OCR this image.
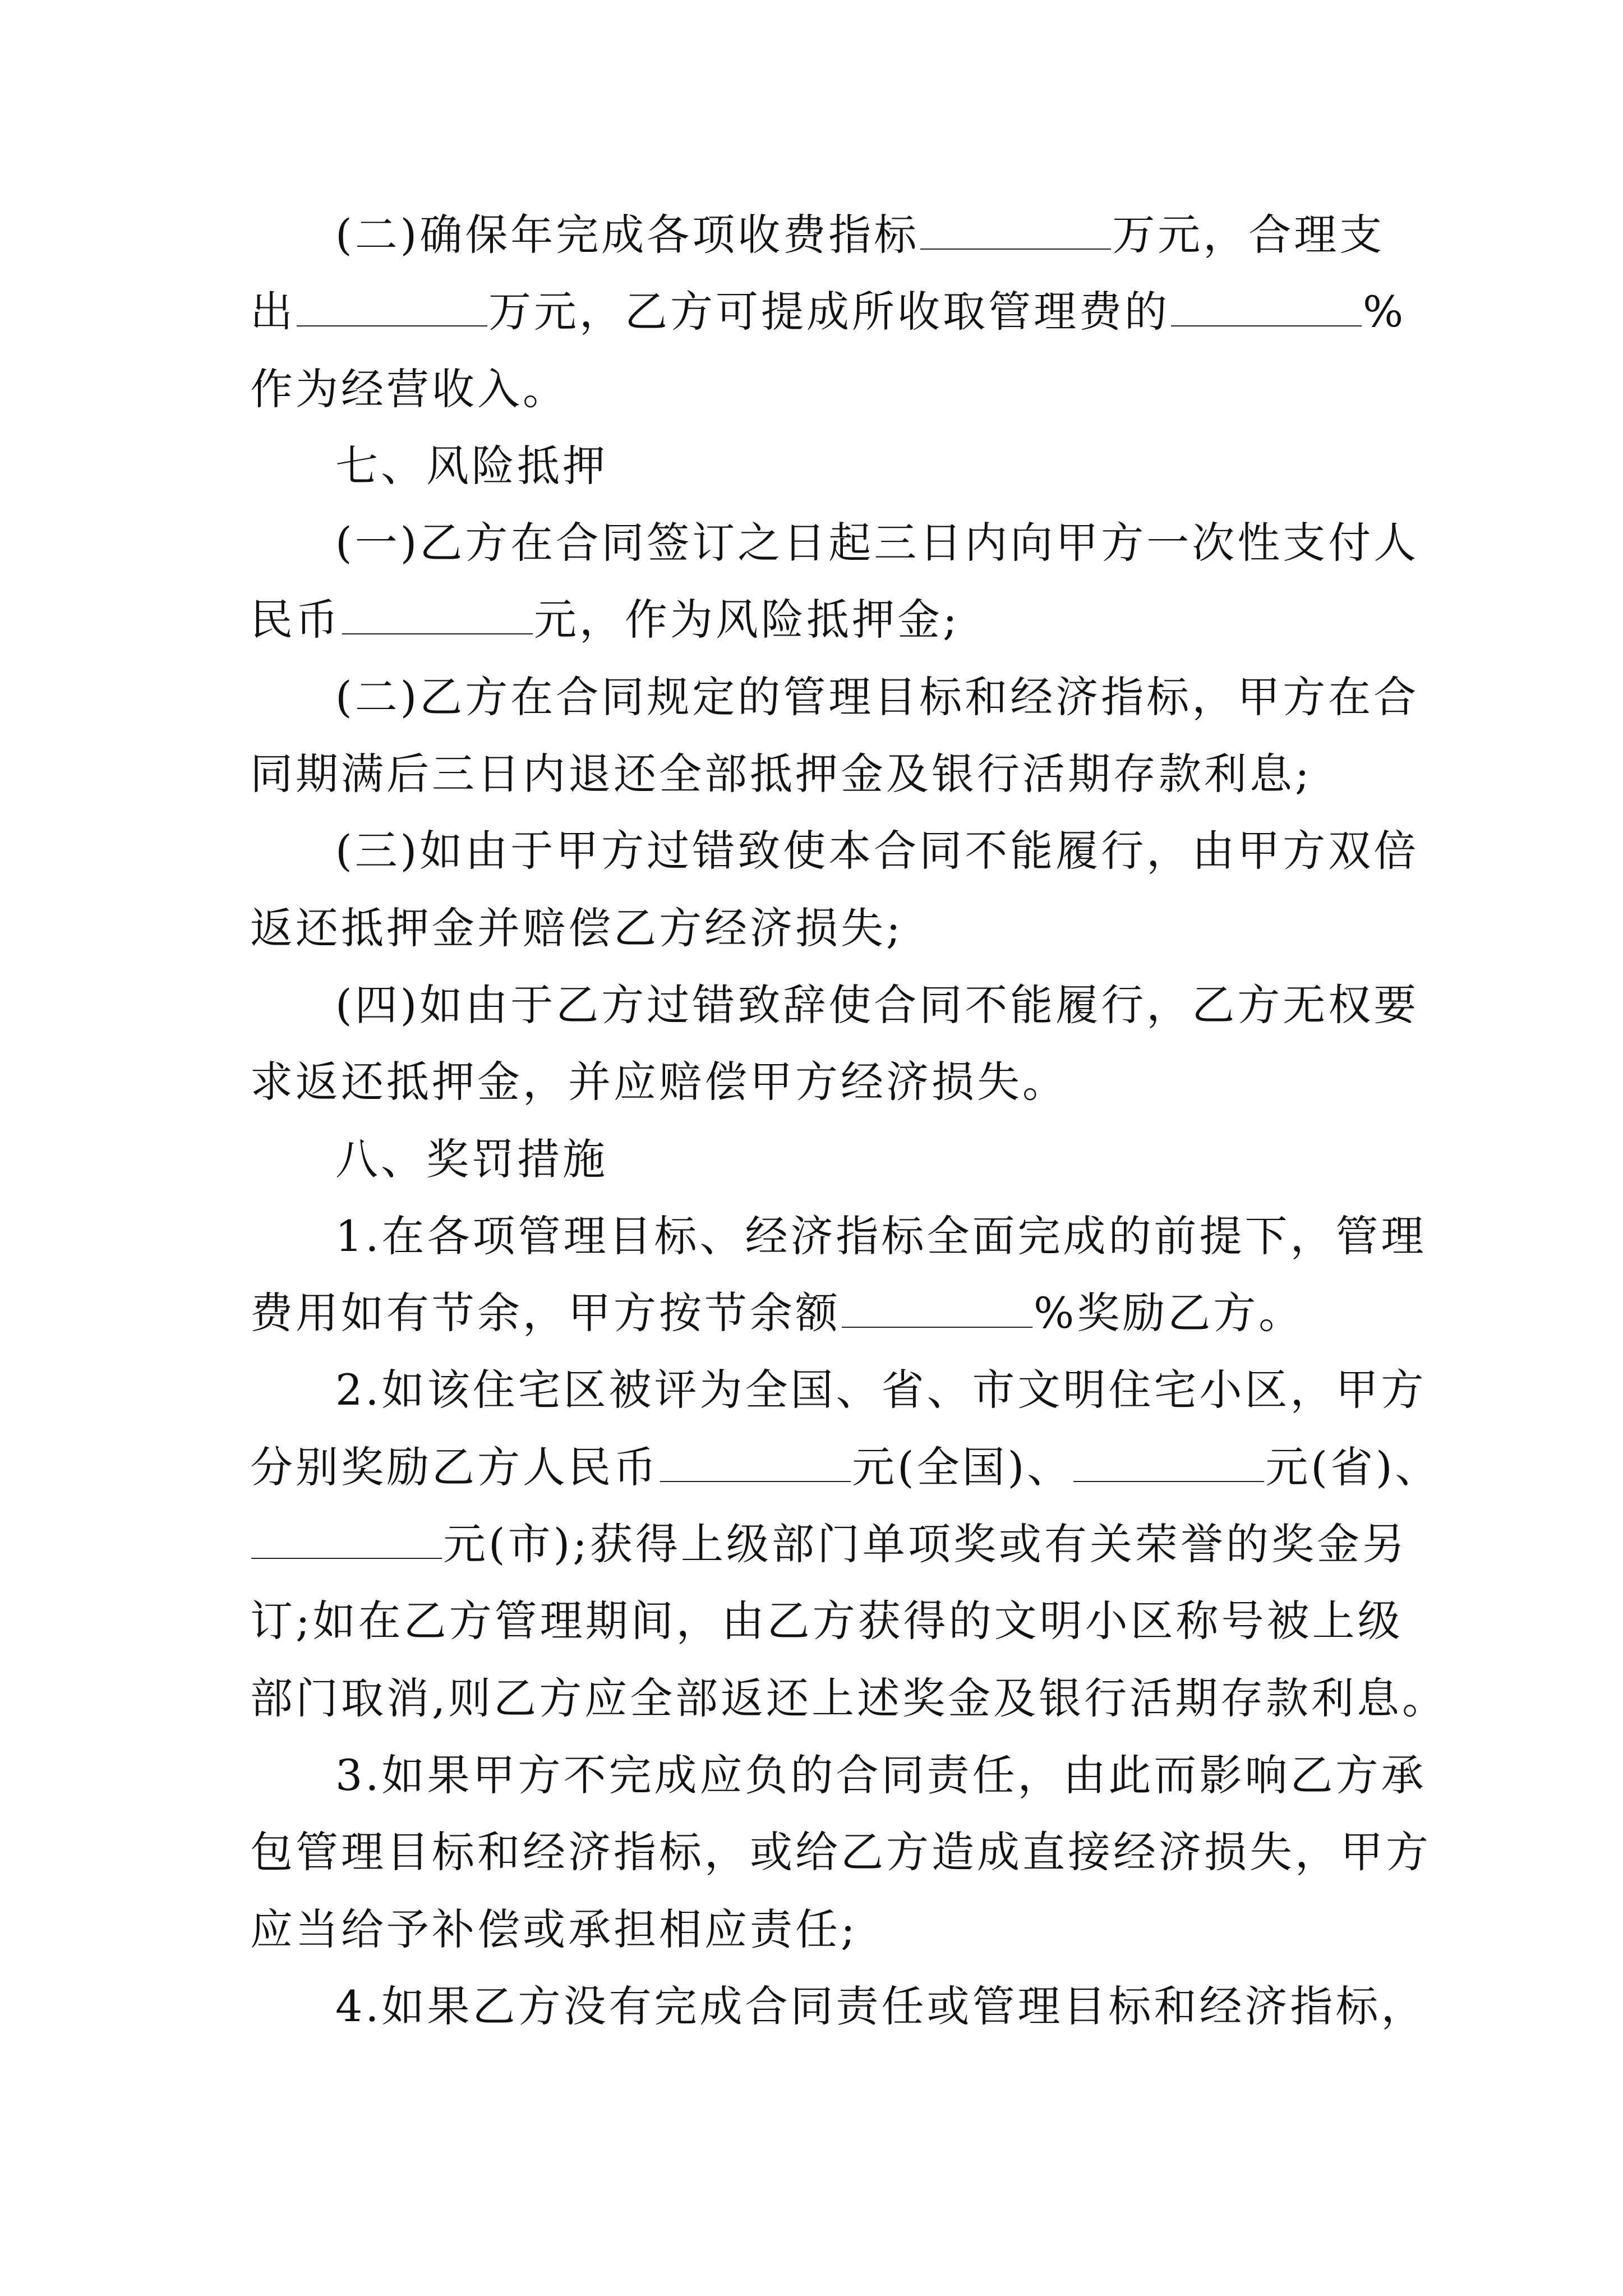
(二)确保年完成各项收费指标	万元，合理支
出	万元，乙方可提成所收取管理费的	%
作为经营收入。
七、风险抵押
(一)乙方在合同签订之日起三日内向甲方一次性支付人
民币	元，作为风险抵押金;
(二)乙方在合同规定的管理目标和经济指标，甲方在合
同期满后三日内退还全部抵押金及银行活期存款利息;
(三)如由于甲方过错致使本合同不能履行，由甲方双倍
返还抵押金并赔偿乙方经济损失;
(四)如由于乙方过错致辞使合同不能履行，乙方无权要
求返还抵押金，并应赔偿甲方经济损失。
八、奖罚措施
1.在各项管理目标、经济指标全面完成的前提下，管理
费用如有节余，甲方按节余额	%奖励乙方。
2.如该住宅区被评为全国、省、市文明住宅小区，甲方
分别奖励乙方人民币	元(全国)、	元(省)、
元(市);获得上级部门单项奖或有关荣誉的奖金另
订;如在乙方管理期间，由乙方获得的文明小区称号被上级
部门取消,则乙方应全部返还上述奖金及银行活期存款利息。
3.如果甲方不完成应负的合同责任，由此而影响乙方承
包管理目标和经济指标，或给乙方造成直接经济损失，甲方
应当给予补偿或承担相应责任;
4.如果乙方没有完成合同责任或管理目标和经济指标，
